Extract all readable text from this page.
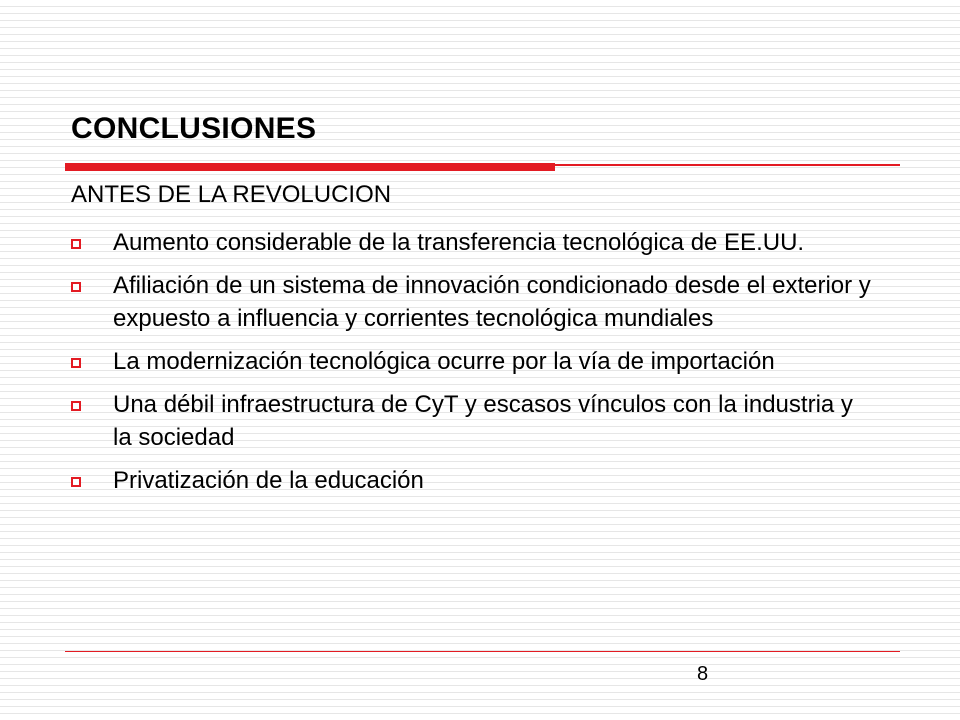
CONCLUSIONES
ANTES DE LA REVOLUCION
Aumento considerable de la transferencia tecnológica de EE.UU.
Afiliación de un sistema de innovación condicionado desde el exterior y expuesto a influencia y corrientes tecnológica mundiales
La modernización tecnológica ocurre por la vía de importación
Una débil infraestructura de CyT y escasos vínculos con la industria y la sociedad
Privatización de la educación
8
